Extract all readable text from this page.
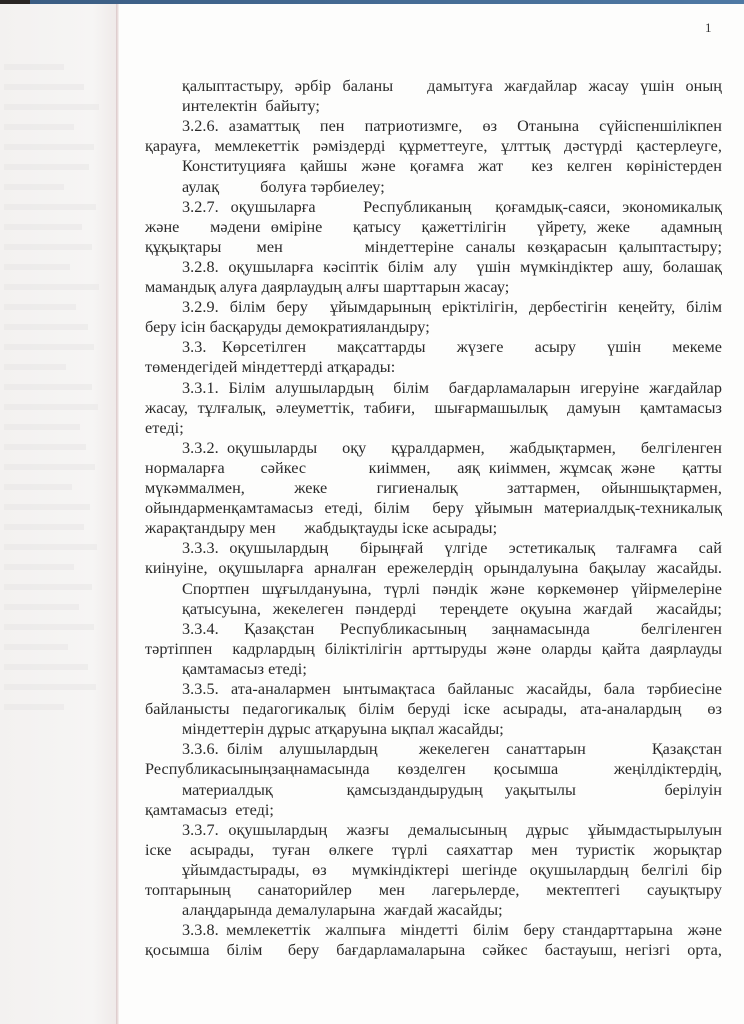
1
қалыптастыру, әрбір баланы   дамытуға жағдайлар жасау үшін оның
интелектін  байыту;
3.2.6. азаматтық  пен  патриотизмге,  өз  Отанына  сүйіспеншілікпен
қарауға, мемлекеттік рәміздерді құрметтеуге, ұлттық дәстүрді қастерлеуге,
Конституцияға қайшы және қоғамға жат  кез келген көріністерден
аулақ          болуға тәрбиелеу;
3.2.7. оқушыларға    Республиканың  қоғамдық-саяси, экономикалық
және   мәдени өміріне   қатысу  қажеттілігін   үйрету, жеке   адамның
құқықтары   мен       міндеттеріне саналы көзқарасын қалыптастыру;
3.2.8. оқушыларға кәсіптік білім алу  үшін мүмкіндіктер ашу, болашақ
мамандық алуға даярлаудың алғы шарттарын жасау;
3.2.9. білім беру  ұйымдарының еріктілігін, дербестігін кеңейту, білім
беру ісін басқаруды демократияландыру;
3.3.  Көрсетілген    мақсаттарды    жүзеге    асыру    үшін    мекеме
төмендегідей міндеттерді атқарады:
3.3.1. Білім алушылардың  білім  бағдарламаларын игеруіне жағдайлар
жасау, тұлғалық, әлеуметтік, табиғи,  шығармашылық  дамуын  қамтамасыз
етеді;
3.3.2. оқушыларды   оқу   құралдармен,   жабдықтармен,   белгіленген
нормаларға    сәйкес       киіммен,   аяқ киіммен, жұмсақ және   қатты
мүкәммалмен,       жеке       гигиеналық       заттармен,   ойыншықтармен,
ойындарменқамтамасыз етеді, білім  беру ұйымын материалдық-техникалық
жарақтандыру мен       жабдықтауды іске асырады;
3.3.3. оқушылардың   бірыңғай  үлгіде  эстетикалық  талғамға  сай
киінуіне, оқушыларға арналған ережелердің орындалуына бақылау жасайды.
Спортпен шұғылдануына, түрлі пәндік және көркемөнер үйірмелеріне
қатысуына, жекелеген пәндерді  тереңдете оқуына жағдай  жасайды;
3.3.4.  Қазақстан  Республикасының  заңнамасында    белгіленген
тәртіппен  кадрлардың біліктілігін арттыруды және оларды қайта даярлауды
қамтамасыз етеді;
3.3.5. ата-аналармен ынтымақтаса байланыс жасайды, бала тәрбиесіне
байланысты педагогикалық білім беруді іске асырады, ата-аналардың  өз
міндеттерін дұрыс атқаруына ықпал жасайды;
3.3.6. білім  алушылардың     жекелеген  санаттарын        Қазақстан
Республикасыныңзаңнамасында   көзделген   қосымша      жеңілдіктердің,
материалдық          қамсыздандырудың   уақытылы            берілуін
қамтамасыз  етеді;
3.3.7. оқушылардың  жазғы  демалысының  дұрыс  ұйымдастырылуын
іске  асырады,  туған  өлкеге  түрлі  саяхаттар  мен  туристік  жорықтар
ұйымдастырады, өз  мүмкіндіктері шегінде оқушылардың белгілі бір
топтарының   санаторийлер   мен   лагерьлерде,   мектептегі   сауықтыру
алаңдарында демалуларына  жағдай жасайды;
3.3.8. мемлекеттік  жалпыға  міндетті  білім  беру стандарттарына  және
қосымша  білім   беру  бағдарламаларына  сәйкес  бастауыш, негізгі  орта,
